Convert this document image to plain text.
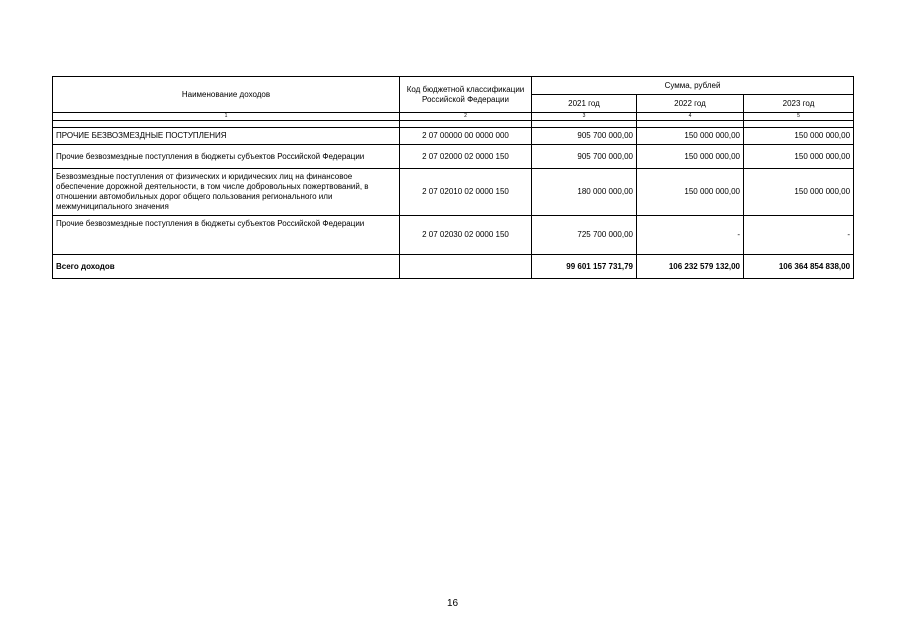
Наименование доходов	Код бюджетной классификации Российской Федерации	Сумма, рублей		
		2021 год	2022 год	2023 год
1	2	3	4	5

ПРОЧИЕ БЕЗВОЗМЕЗДНЫЕ ПОСТУПЛЕНИЯ	2 07 00000 00 0000 000	905 700 000,00	150 000 000,00	150 000 000,00
Прочие безвозмездные поступления в бюджеты субъектов Российской Федерации	2 07 02000 02 0000 150	905 700 000,00	150 000 000,00	150 000 000,00
Безвозмездные поступления от физических и юридических лиц на финансовое обеспечение дорожной деятельности, в том числе добровольных пожертвований, в отношении автомобильных дорог общего пользования регионального или межмуниципального значения	2 07 02010 02 0000 150	180 000 000,00	150 000 000,00	150 000 000,00
Прочие безвозмездные поступления в бюджеты субъектов Российской Федерации	2 07 02030 02 0000 150	725 700 000,00	-	-
Всего доходов		99 601 157 731,79	106 232 579 132,00	106 364 854 838,00
16
